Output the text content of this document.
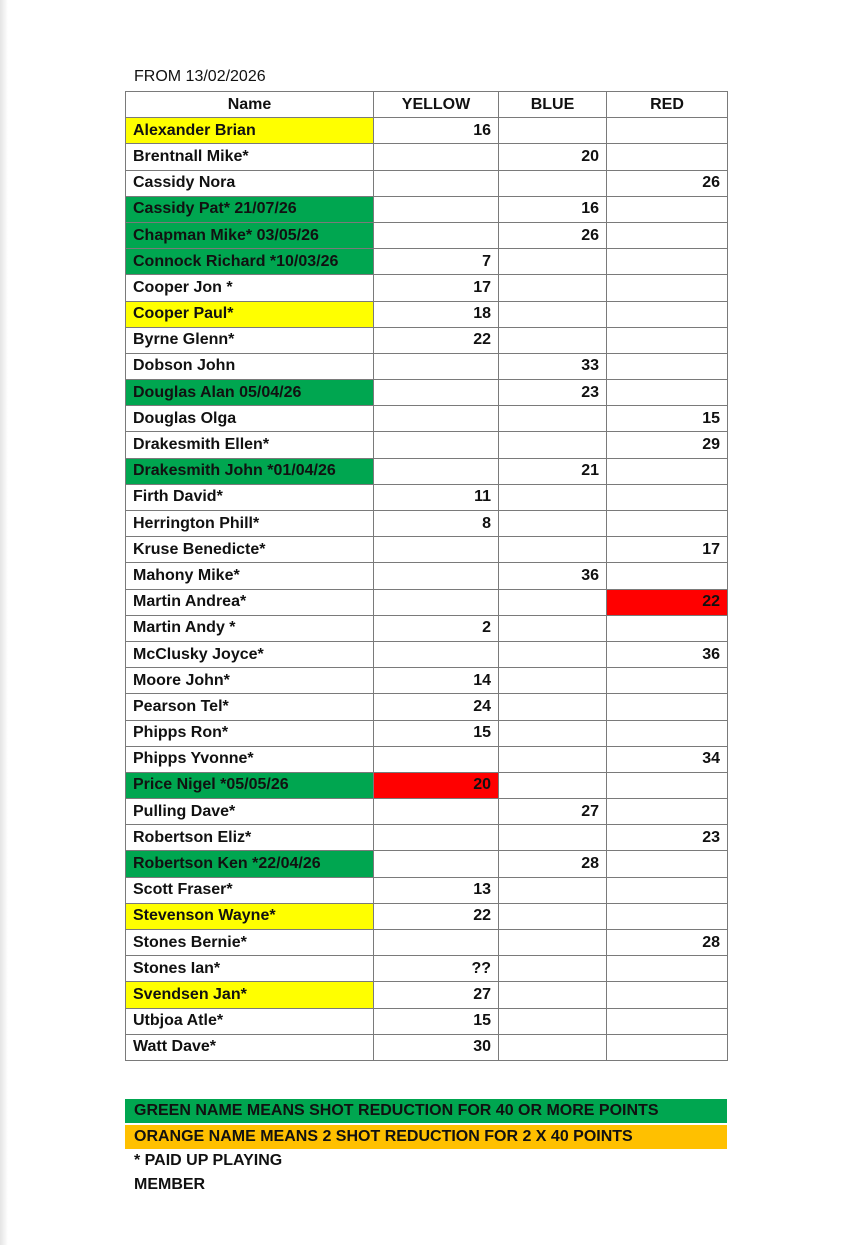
FROM 13/02/2026
Name	YELLOW	BLUE	RED
Alexander Brian	16		
Brentnall Mike*		20	
Cassidy Nora			26
Cassidy Pat* 21/07/26		16	
Chapman Mike* 03/05/26		26	
Connock Richard *10/03/26	7		
Cooper Jon *	17		
Cooper Paul*	18		
Byrne Glenn*	22		
Dobson John		33	
Douglas Alan 05/04/26		23	
Douglas Olga			15
Drakesmith Ellen*			29
Drakesmith John *01/04/26		21	
Firth David*	11		
Herrington Phill*	8		
Kruse Benedicte*			17
Mahony Mike*		36	
Martin Andrea*			22
Martin Andy *	2		
McClusky Joyce*			36
Moore John*	14		
Pearson Tel*	24		
Phipps Ron*	15		
Phipps Yvonne*			34
Price Nigel *05/05/26	20		
Pulling Dave*		27	
Robertson Eliz*			23
Robertson Ken *22/04/26		28	
Scott Fraser*	13		
Stevenson Wayne*	22		
Stones Bernie*			28
Stones Ian*	??		
Svendsen Jan*	27		
Utbjoa Atle*	15		
Watt Dave*	30		
GREEN NAME MEANS SHOT REDUCTION FOR 40 OR MORE POINTS
ORANGE NAME MEANS 2 SHOT REDUCTION FOR 2 X 40 POINTS
* PAID UP PLAYING
MEMBER
